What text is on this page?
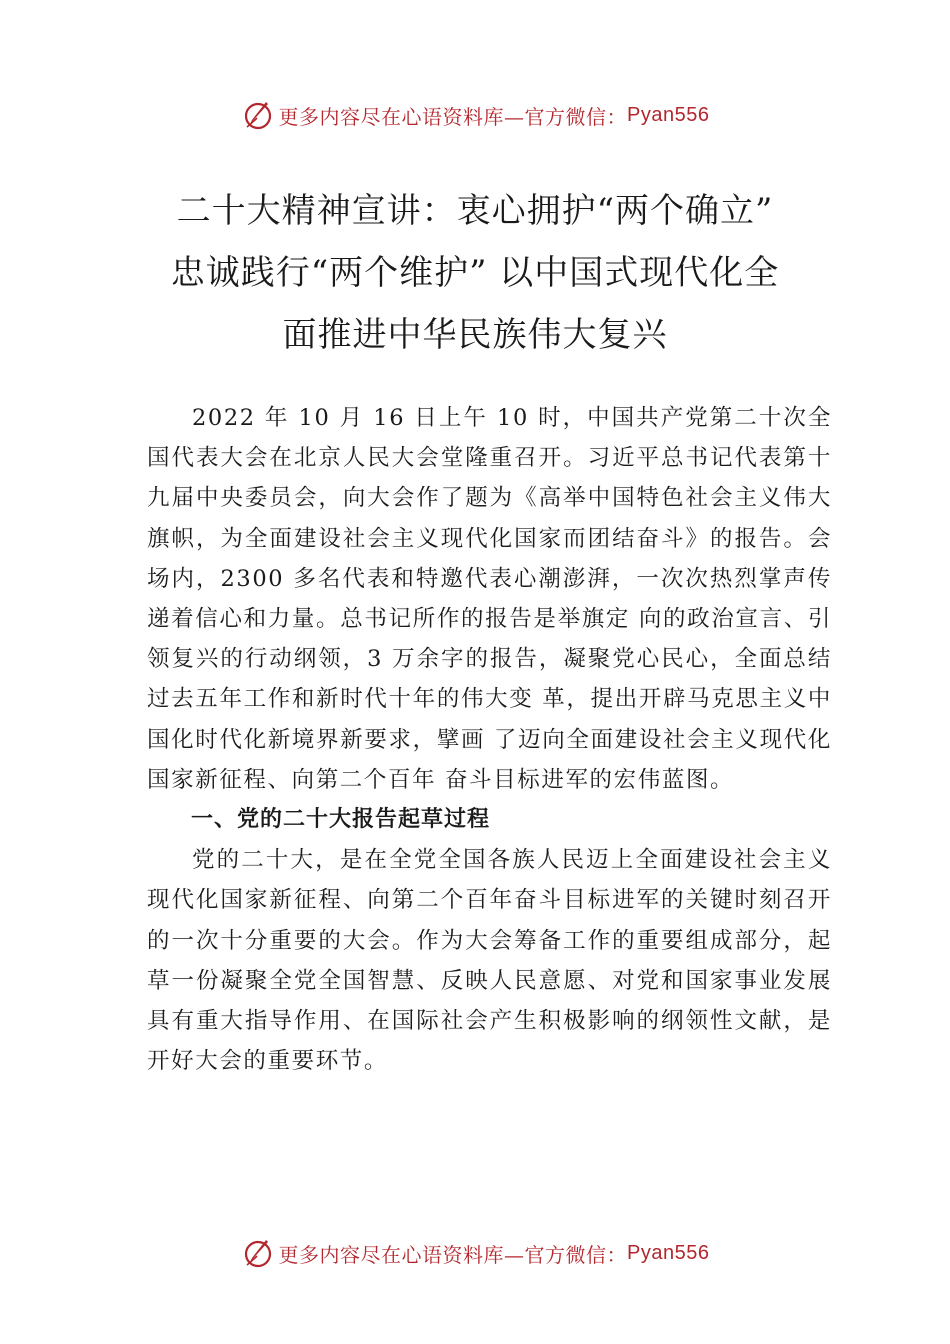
更多内容尽在心语资料库—官方微信： Pyan556
二十大精神宣讲：衷心拥护“两个确立”
忠诚践行“两个维护” 以中国式现代化全
面推进中华民族伟大复兴

2022 年 10 月 16 日上午 10 时，中国共产党第二十次全国代表大会在北京人民大会堂隆重召开。习近平总书记代表第十九届中央委员会，向大会作了题为《高举中国特色社会主义伟大旗帜，为全面建设社会主义现代化国家而团结奋斗》的报告。会场内，2300 多名代表和特邀代表心潮澎湃，一次次热烈掌声传递着信心和力量。总书记所作的报告是举旗定 向的政治宣言、引领复兴的行动纲领，3 万余字的报告，凝聚党心民心，全面总结过去五年工作和新时代十年的伟大变 革，提出开辟马克思主义中国化时代化新境界新要求，擘画 了迈向全面建设社会主义现代化国家新征程、向第二个百年 奋斗目标进军的宏伟蓝图。

一、党的二十大报告起草过程

党的二十大，是在全党全国各族人民迈上全面建设社会主义现代化国家新征程、向第二个百年奋斗目标进军的关键时刻召开的一次十分重要的大会。作为大会筹备工作的重要组成部分，起草一份凝聚全党全国智慧、反映人民意愿、对党和国家事业发展具有重大指导作用、在国际社会产生积极影响的纲领性文献，是开好大会的重要环节。

更多内容尽在心语资料库—官方微信： Pyan556
